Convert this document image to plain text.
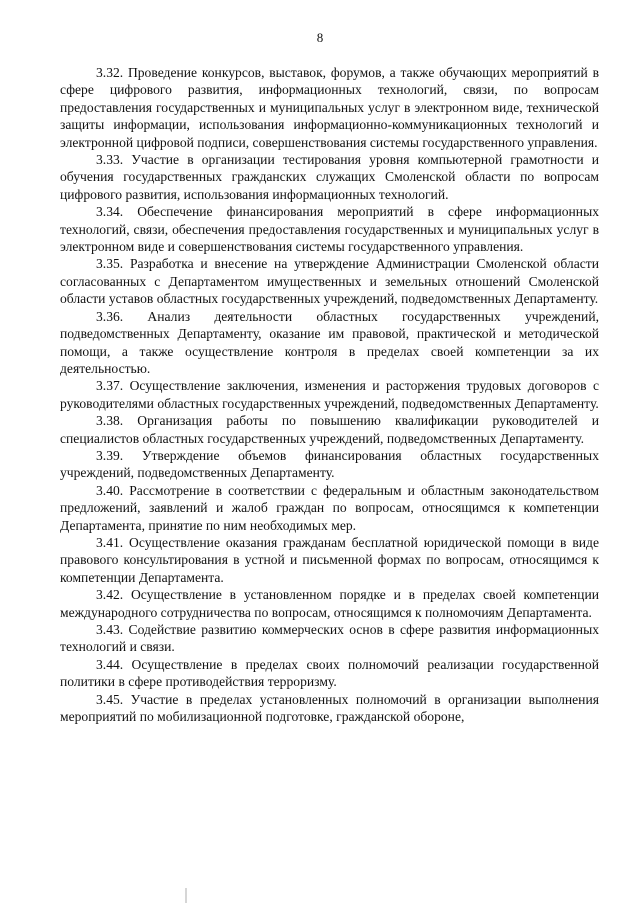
8

3.32. Проведение конкурсов, выставок, форумов, а также обучающих мероприятий в сфере цифрового развития, информационных технологий, связи, по вопросам предоставления государственных и муниципальных услуг в электронном виде, технической защиты информации, использования информационно-коммуникационных технологий и электронной цифровой подписи, совершенствования системы государственного управления.

3.33. Участие в организации тестирования уровня компьютерной грамотности и обучения государственных гражданских служащих Смоленской области по вопросам цифрового развития, использования информационных технологий.

3.34. Обеспечение финансирования мероприятий в сфере информационных технологий, связи, обеспечения предоставления государственных и муниципальных услуг в электронном виде и совершенствования системы государственного управления.

3.35. Разработка и внесение на утверждение Администрации Смоленской области согласованных с Департаментом имущественных и земельных отношений Смоленской области уставов областных государственных учреждений, подведомственных Департаменту.

3.36. Анализ деятельности областных государственных учреждений, подведомственных Департаменту, оказание им правовой, практической и методической помощи, а также осуществление контроля в пределах своей компетенции за их деятельностью.

3.37. Осуществление заключения, изменения и расторжения трудовых договоров с руководителями областных государственных учреждений, подведомственных Департаменту.

3.38. Организация работы по повышению квалификации руководителей и специалистов областных государственных учреждений, подведомственных Департаменту.

3.39. Утверждение объемов финансирования областных государственных учреждений, подведомственных Департаменту.

3.40. Рассмотрение в соответствии с федеральным и областным законодательством предложений, заявлений и жалоб граждан по вопросам, относящимся к компетенции Департамента, принятие по ним необходимых мер.

3.41. Осуществление оказания гражданам бесплатной юридической помощи в виде правового консультирования в устной и письменной формах по вопросам, относящимся к компетенции Департамента.

3.42. Осуществление в установленном порядке и в пределах своей компетенции международного сотрудничества по вопросам, относящимся к полномочиям Департамента.

3.43. Содействие развитию коммерческих основ в сфере развития информационных технологий и связи.

3.44. Осуществление в пределах своих полномочий реализации государственной политики в сфере противодействия терроризму.

3.45. Участие в пределах установленных полномочий в организации выполнения мероприятий по мобилизационной подготовке, гражданской обороне,
